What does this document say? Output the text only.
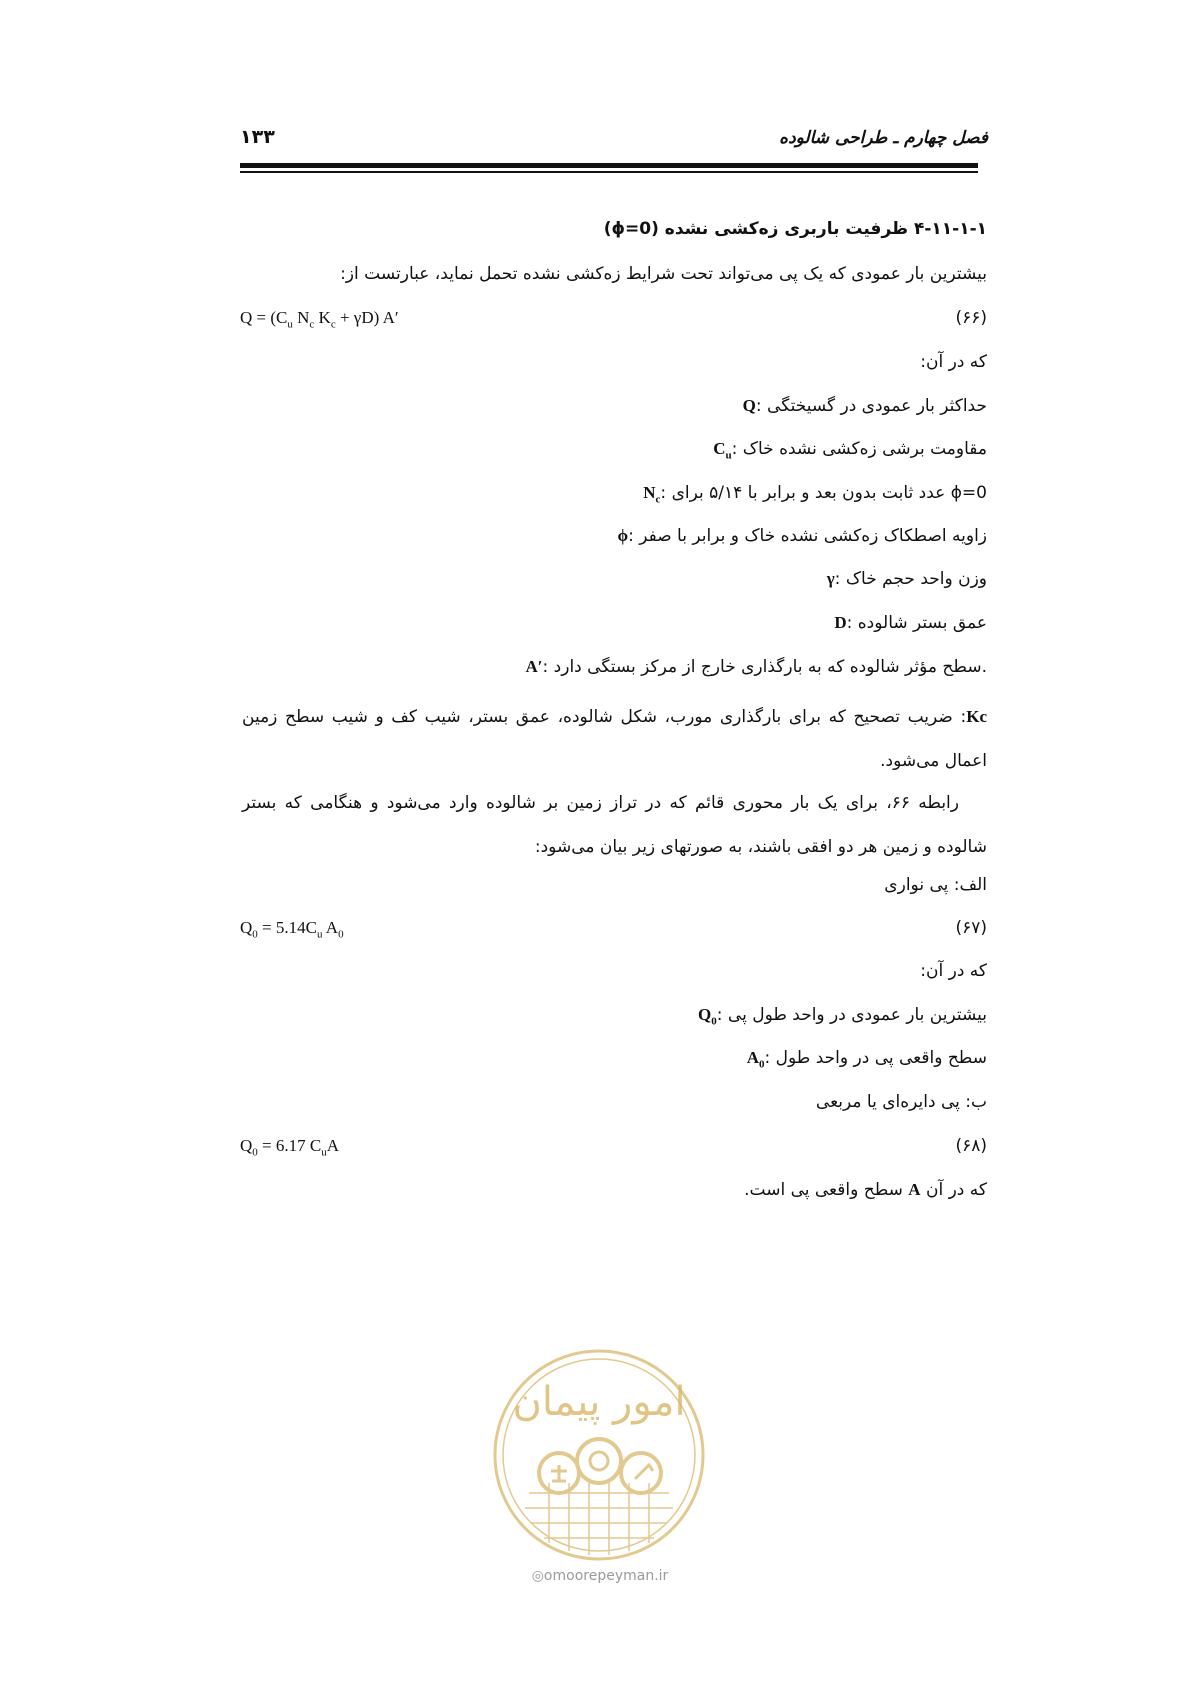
فصل چهارم ـ طراحی شالوده
۱۳۳
۴-۱۱-۱-۱ ظرفیت باربری زه‌کشی نشده (ϕ=0)
بیشترین بار عمودی که یک پی می‌تواند تحت شرایط زه‌کشی نشده تحمل نماید، عبارتست از:
$Q = (C_u$ $N_c$ $K_c + \gamma D$) A′	(۶۶)
که در آن:
Q: حداکثر بار عمودی در گسیختگی
$C_u$: مقاومت برشی زه‌کشی نشده خاک
$N_c$: عدد ثابت بدون بعد و برابر با ۵/۱۴ برای ϕ=0
ϕ: زاویه اصطکاک زه‌کشی نشده خاک و برابر با صفر
γ: وزن واحد حجم خاک
D: عمق بستر شالوده
A′: سطح مؤثر شالوده که به بارگذاری خارج از مرکز بستگی دارد.
Kc: ضریب تصحیح که برای بارگذاری مورب، شکل شالوده، عمق بستر، شیب کف و شیب سطح زمین اعمال می‌شود.
رابطه ۶۶، برای یک بار محوری قائم که در تراز زمین بر شالوده وارد می‌شود و هنگامی که بستر شالوده و زمین هر دو افقی باشند، به صورتهای زیر بیان می‌شود:
الف: پی نواری
$Q_0 = 5.14C_u$ $A_0$	(۶۷)
که در آن:
$Q_0$: بیشترین بار عمودی در واحد طول پی
$A_0$: سطح واقعی پی در واحد طول
ب: پی دایره‌ای یا مربعی
$Q_0 = 6.17$ $C_uA$	(۶۸)
که در آن A سطح واقعی پی است.
امور پیمان
◎omoorepeyman.ir
